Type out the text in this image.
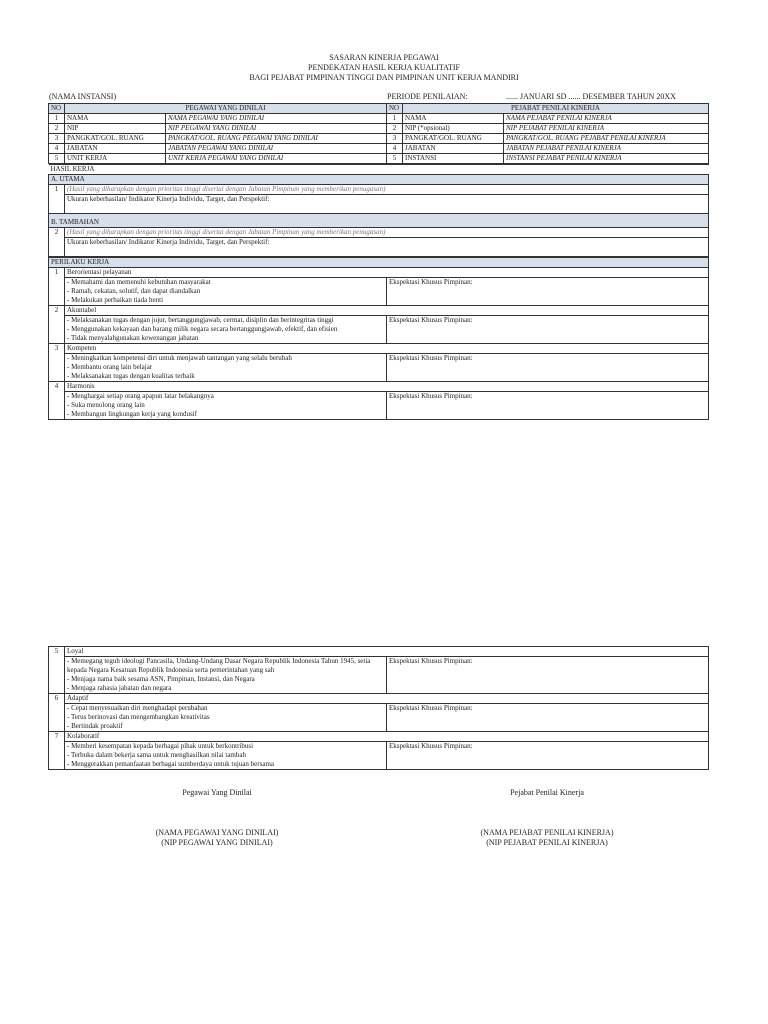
SASARAN KINERJA PEGAWAI
PENDEKATAN HASIL KERJA KUALITATIF
BAGI PEJABAT PIMPINAN TINGGI DAN PIMPINAN UNIT KERJA MANDIRI
(NAMA INSTANSI)	PERIODE PENILAIAN:	...... JANUARI SD ...... DESEMBER TAHUN 20XX
NO	PEGAWAI YANG DINILAI		NO	PEJABAT PENILAI KINERJA	
1	NAMA	NAMA PEGAWAI YANG DINILAI	1	NAMA	NAMA PEJABAT PENILAI KINERJA
2	NIP	NIP PEGAWAI YANG DINILAI	2	NIP (*opsional)	NIP PEJABAT PENILAI KINERJA
3	PANGKAT/GOL. RUANG	PANGKAT/GOL. RUANG PEGAWAI YANG DINILAI	3	PANGKAT/GOL. RUANG	PANGKAT/GOL. RUANG PEJABAT PENILAI KINERJA
4	JABATAN	JABATAN PEGAWAI YANG DINILAI	4	JABATAN	JABATAN PEJABAT PENILAI KINERJA
5	UNIT KERJA	UNIT KERJA PEGAWAI YANG DINILAI	5	INSTANSI	INSTANSI PEJABAT PENILAI KINERJA
HASIL KERJA	
A. UTAMA	
1	(Hasil yang diharapkan dengan prioritas tinggi disertai dengan Jabatan Pimpinan yang memberikan penugasan)
	Ukuran keberhasilan/ Indikator Kinerja Individu, Target, dan Perspektif:
B. TAMBAHAN	
2	(Hasil yang diharapkan dengan prioritas tinggi disertai dengan Jabatan Pimpinan yang memberikan penugasan)
	Ukuran keberhasilan/ Indikator Kinerja Individu, Target, dan Perspektif:
PERILAKU KERJA		
1	Berorientasi pelayanan	

	- Memahami dan memenuhi kebutuhan masyarakat
- Ramah, cekatan, solutif, dan dapat diandalkan
- Melakukan perbaikan tiada henti	Ekspektasi Khusus Pimpinan:
2	Akuntabel	

	- Melaksanakan tugas dengan jujur, bertanggungjawab, cermat, disiplin dan berintegritas tinggi
- Menggunakan kekayaan dan barang milik negara secara bertanggungjawab, efektif, dan efisien
- Tidak menyalahgunakan kewenangan jabatan	Ekspektasi Khusus Pimpinan:
3	Kompeten	

	- Meningkatkan kompetensi diri untuk menjawab tantangan yang selalu berubah
- Membantu orang lain belajar
- Melaksanakan tugas dengan kualitas terbaik	Ekspektasi Khusus Pimpinan:
4	Harmonis	

	- Menghargai setiap orang apapun latar belakangnya
- Suka menolong orang lain
- Membangun lingkungan kerja yang kondusif	Ekspektasi Khusus Pimpinan:
5	Loyal	

	- Memegang teguh ideologi Pancasila, Undang-Undang Dasar Negara Republik Indonesia Tahun 1945, setia kepada Negara Kesatuan Republik Indonesia serta pemerintahan yang sah
- Menjaga nama baik sesama ASN, Pimpinan, Instansi, dan Negara
- Menjaga rahasia jabatan dan negara	Ekspektasi Khusus Pimpinan:
6	Adaptif	

	- Cepat menyesuaikan diri menghadapi perubahan
- Terus berinovasi dan mengembangkan kreativitas
- Bertindak proaktif	Ekspektasi Khusus Pimpinan:
7	Kolaboratif	

	- Memberi kesempatan kepada berbagai pihak untuk berkontribusi
- Terbuka dalam bekerja sama untuk menghasilkan nilai tambah
- Menggerakkan pemanfaatan berbagai sumberdaya untuk tujuan bersama	Ekspektasi Khusus Pimpinan:
Pegawai Yang Dinilai	Pejabat Penilai Kinerja
(NAMA PEGAWAI YANG DINILAI)
(NIP PEGAWAI YANG DINILAI)
(NAMA PEJABAT PENILAI KINERJA)
(NIP PEJABAT PENILAI KINERJA)
